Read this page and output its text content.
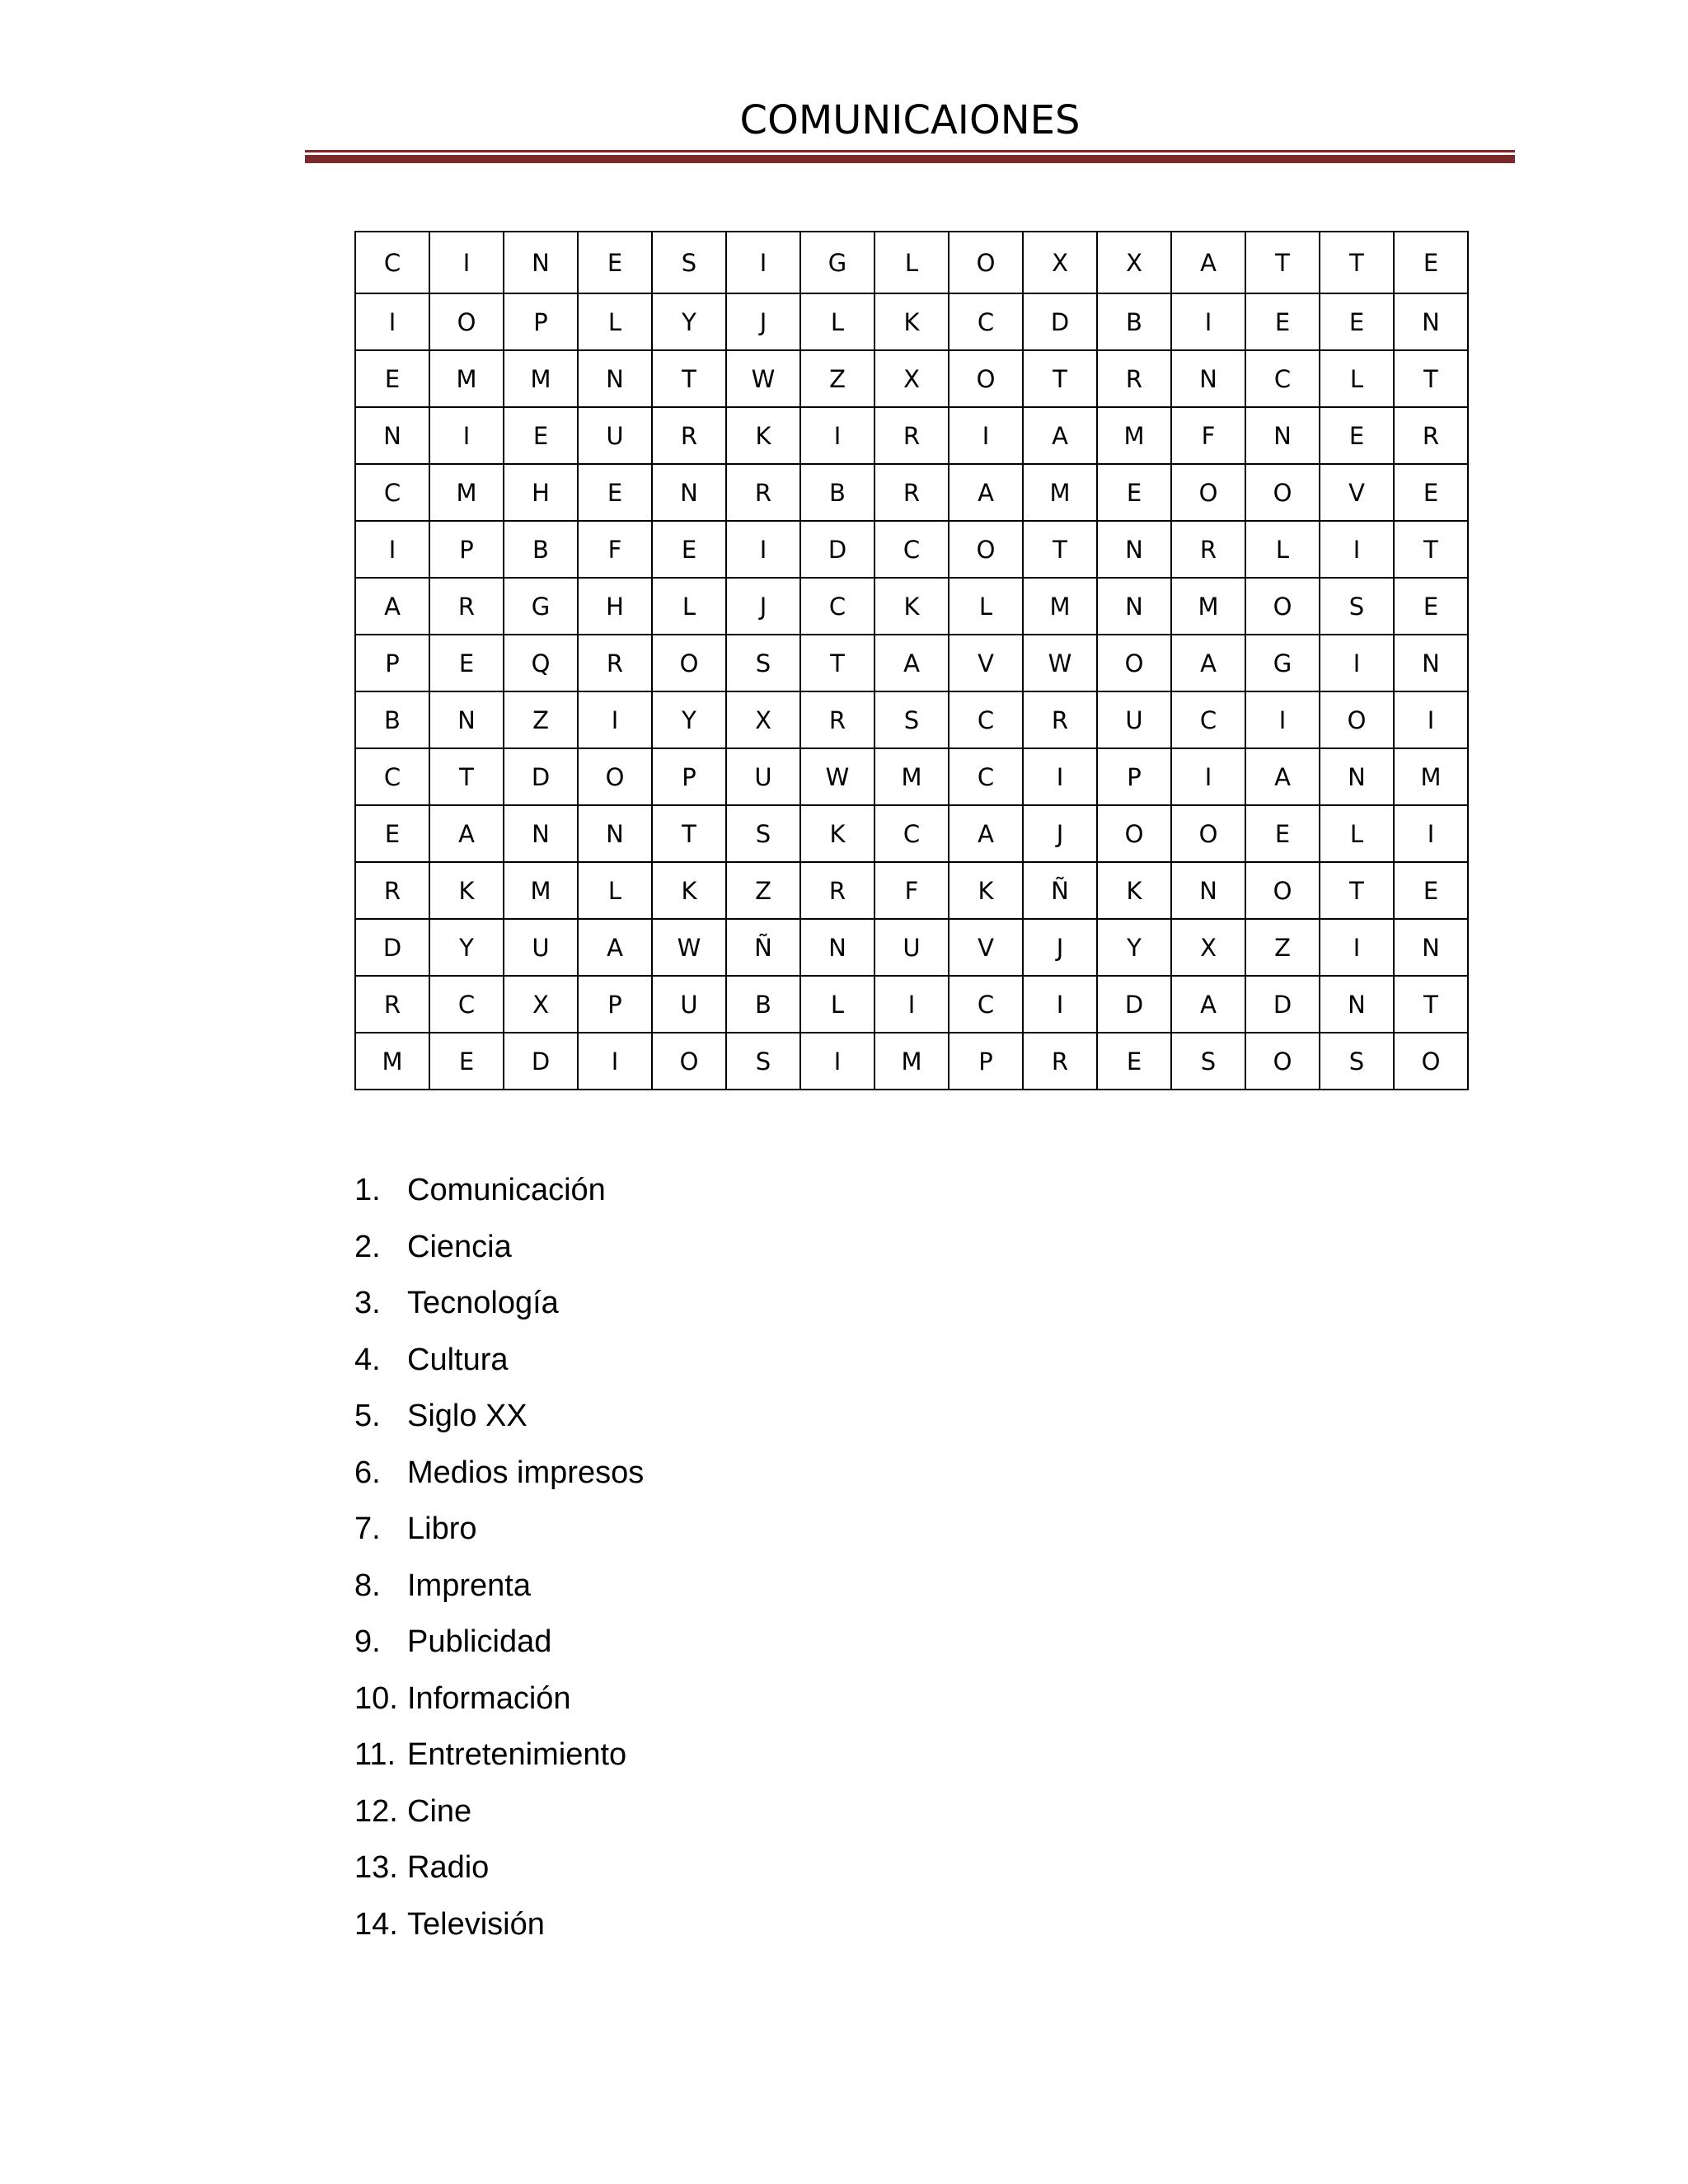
COMUNICAIONES
C	I	N	E	S	I	G	L	O	X	X	A	T	T	E
I	O	P	L	Y	J	L	K	C	D	B	I	E	E	N
E	M	M	N	T	W	Z	X	O	T	R	N	C	L	T
N	I	E	U	R	K	I	R	I	A	M	F	N	E	R
C	M	H	E	N	R	B	R	A	M	E	O	O	V	E
I	P	B	F	E	I	D	C	O	T	N	R	L	I	T
A	R	G	H	L	J	C	K	L	M	N	M	O	S	E
P	E	Q	R	O	S	T	A	V	W	O	A	G	I	N
B	N	Z	I	Y	X	R	S	C	R	U	C	I	O	I
C	T	D	O	P	U	W	M	C	I	P	I	A	N	M
E	A	N	N	T	S	K	C	A	J	O	O	E	L	I
R	K	M	L	K	Z	R	F	K	Ñ	K	N	O	T	E
D	Y	U	A	W	Ñ	N	U	V	J	Y	X	Z	I	N
R	C	X	P	U	B	L	I	C	I	D	A	D	N	T
M	E	D	I	O	S	I	M	P	R	E	S	O	S	O
1. Comunicación
2. Ciencia
3. Tecnología
4. Cultura
5. Siglo XX
6. Medios impresos
7. Libro
8. Imprenta
9. Publicidad
10. Información
11. Entretenimiento
12. Cine
13. Radio
14. Televisión
